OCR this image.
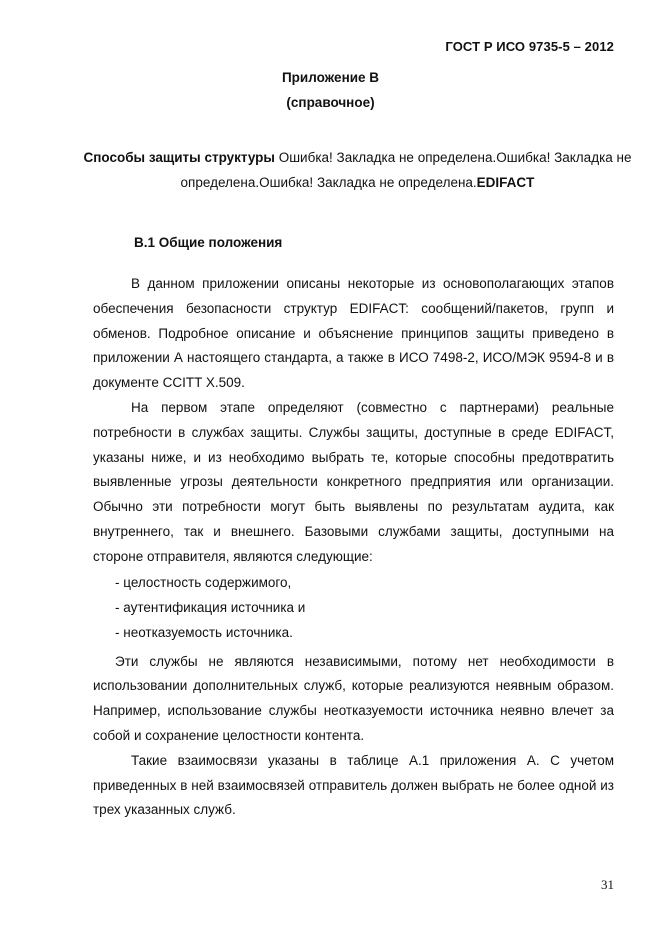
ГОСТ Р ИСО 9735-5 – 2012
Приложение В
(справочное)
Способы защиты структуры Ошибка! Закладка не определена.Ошибка! Закладка не определена.Ошибка! Закладка не определена.EDIFACT
В.1 Общие положения

В данном приложении описаны некоторые из основополагающих этапов обеспечения безопасности структур EDIFACT: сообщений/пакетов, групп и обменов. Подробное описание и объяснение принципов защиты приведено в приложении А настоящего стандарта, а также в ИСО 7498-2, ИСО/МЭК 9594-8 и в документе CCITT X.509.

На первом этапе определяют (совместно с партнерами) реальные потребности в службах защиты. Службы защиты, доступные в среде EDIFACT, указаны ниже, и из необходимо выбрать те, которые способны предотвратить выявленные угрозы деятельности конкретного предприятия или организации. Обычно эти потребности могут быть выявлены по результатам аудита, как внутреннего, так и внешнего. Базовыми службами защиты, доступными на стороне отправителя, являются следующие:

- целостность содержимого,

- аутентификация источника и

- неотказуемость источника.

Эти службы не являются независимыми, потому нет необходимости в использовании дополнительных служб, которые реализуются неявным образом. Например, использование службы неотказуемости источника неявно влечет за собой и сохранение целостности контента.

Такие взаимосвязи указаны в таблице А.1 приложения А. С учетом приведенных в ней взаимосвязей отправитель должен выбрать не более одной из трех указанных служб.

31
